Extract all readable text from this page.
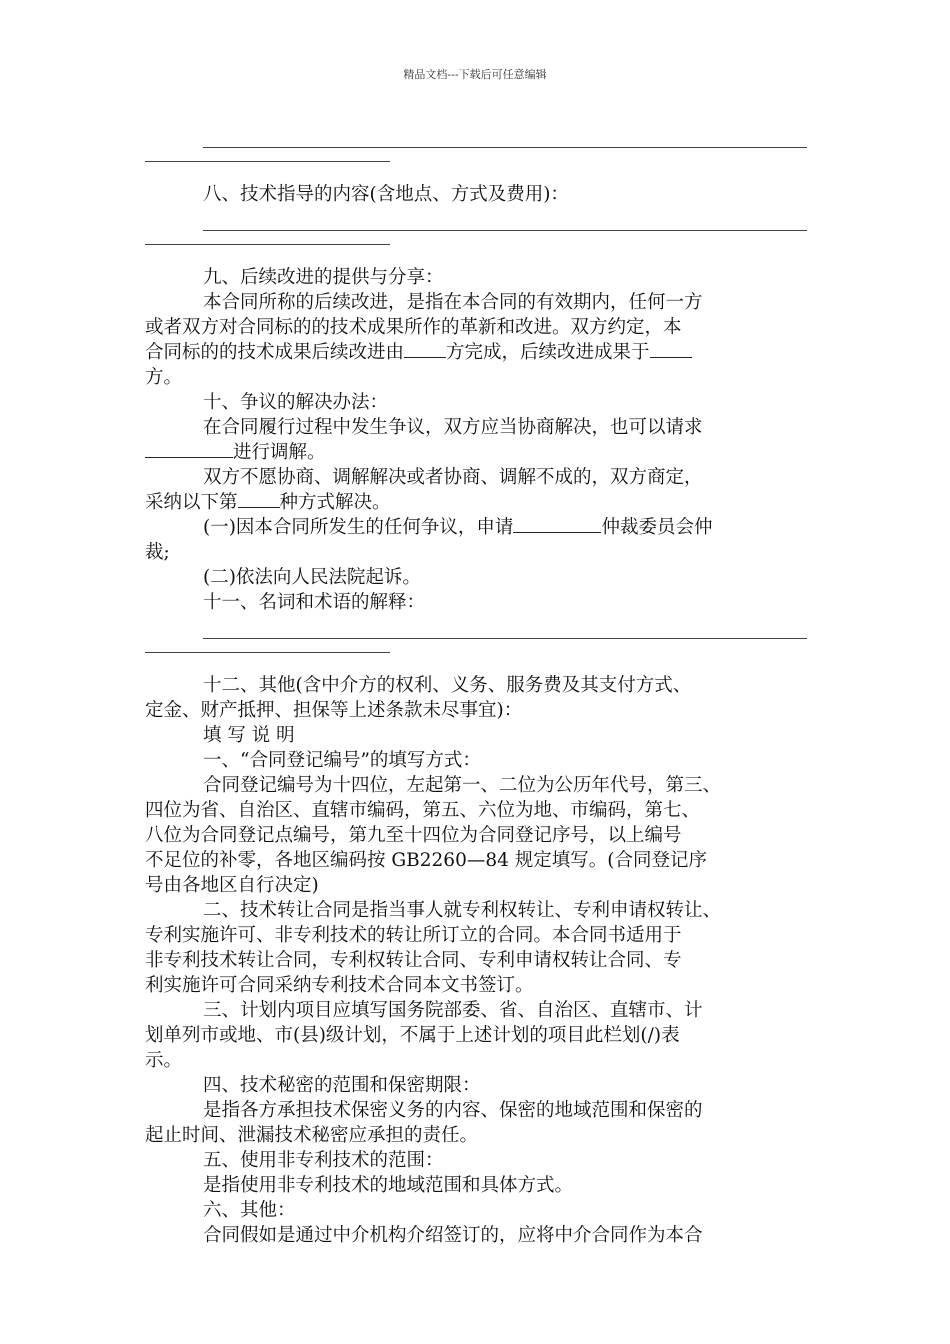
精品文档---下载后可任意编辑
八、技术指导的内容(含地点、方式及费用)：
九、后续改进的提供与分享：
本合同所称的后续改进，是指在本合同的有效期内，任何一方
或者双方对合同标的的技术成果所作的革新和改进。双方约定，本
合同标的的技术成果后续改进由 方完成，后续改进成果于
方。
十、争议的解决办法：
在合同履行过程中发生争议，双方应当协商解决，也可以请求
进行调解。
双方不愿协商、调解解决或者协商、调解不成的，双方商定，
采纳以下第 种方式解决。
(一)因本合同所发生的任何争议，申请	仲裁委员会仲
裁;
(二)依法向人民法院起诉。
十一、名词和术语的解释：
十二、其他(含中介方的权利、义务、服务费及其支付方式、
定金、财产抵押、担保等上述条款未尽事宜)：
填 写 说 明
一、“合同登记编号”的填写方式：
合同登记编号为十四位，左起第一、二位为公历年代号，第三、
四位为省、自治区、直辖市编码，第五、六位为地、市编码，第七、
八位为合同登记点编号，第九至十四位为合同登记序号，以上编号
不足位的补零，各地区编码按 GB2260—84 规定填写。(合同登记序
号由各地区自行决定)
二、技术转让合同是指当事人就专利权转让、专利申请权转让、
专利实施许可、非专利技术的转让所订立的合同。本合同书适用于
非专利技术转让合同，专利权转让合同、专利申请权转让合同、专
利实施许可合同采纳专利技术合同本文书签订。
三、计划内项目应填写国务院部委、省、自治区、直辖市、计
划单列市或地、市(县)级计划，不属于上述计划的项目此栏划(/)表
示。
四、技术秘密的范围和保密期限：
是指各方承担技术保密义务的内容、保密的地域范围和保密的
起止时间、泄漏技术秘密应承担的责任。
五、使用非专利技术的范围：
是指使用非专利技术的地域范围和具体方式。
六、其他：
合同假如是通过中介机构介绍签订的，应将中介合同作为本合
